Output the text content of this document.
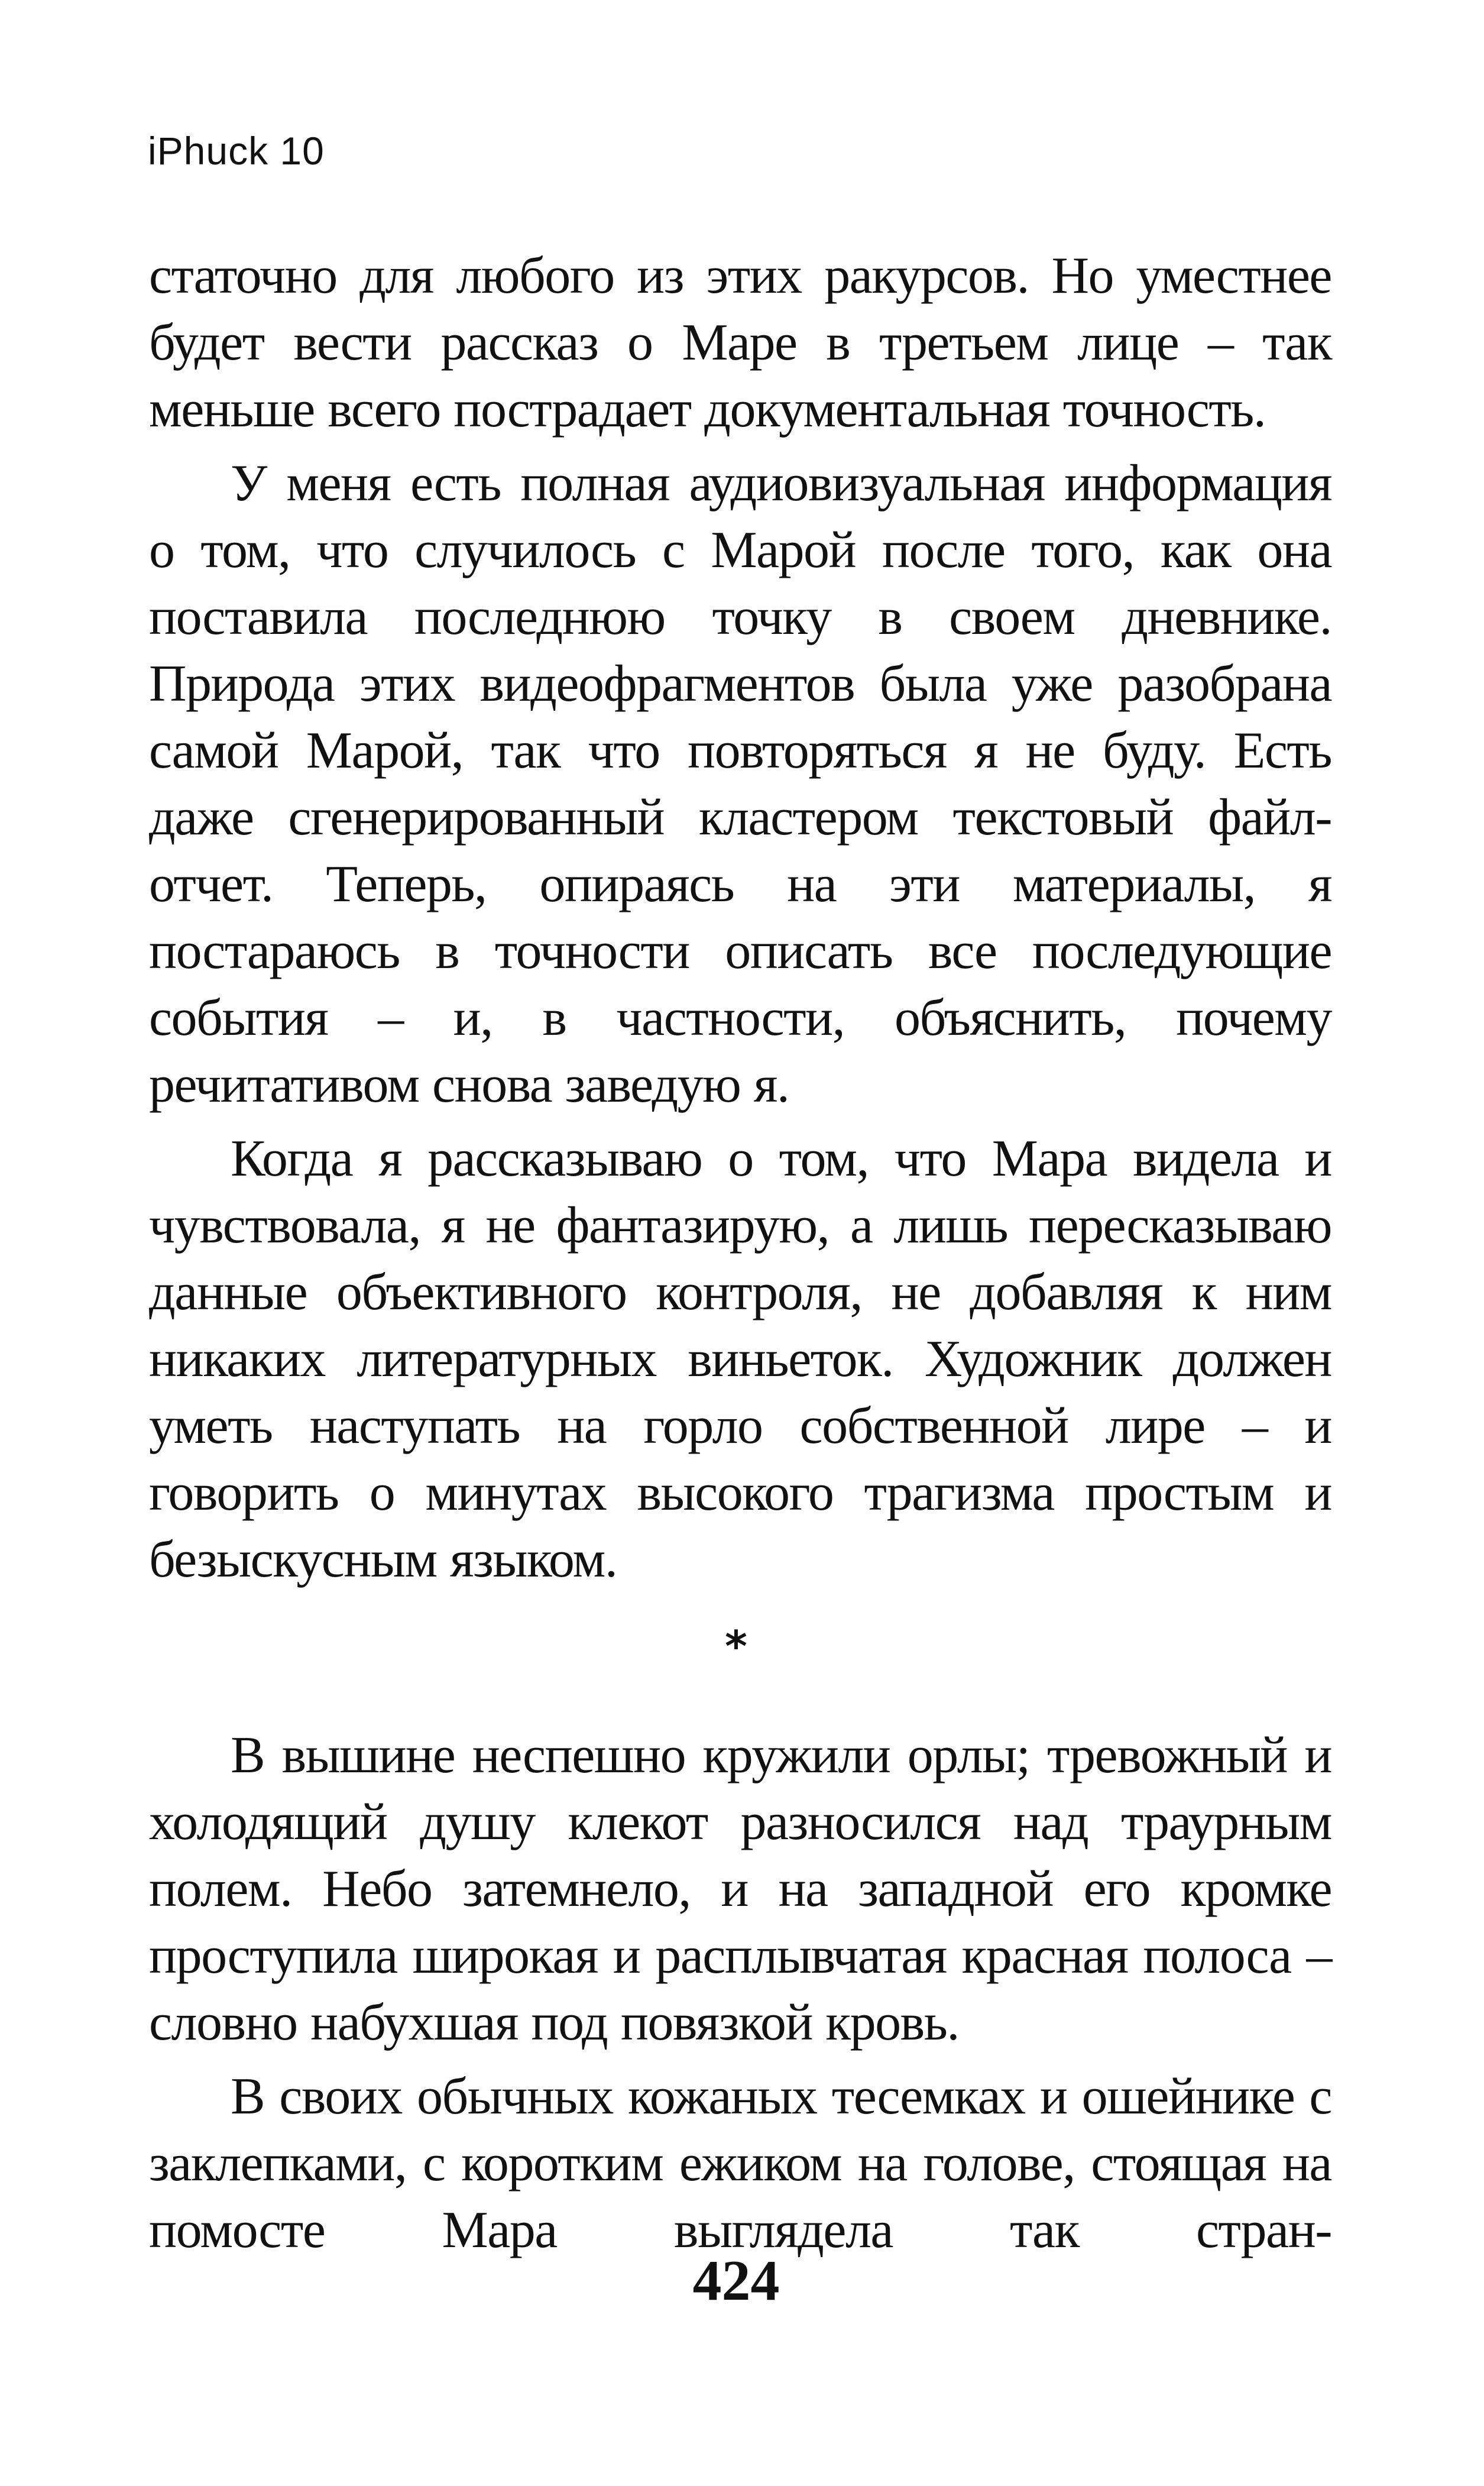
iPhuck 10

статочно для любого из этих ракурсов. Но уместнее будет вести рассказ о Маре в третьем лице – так меньше всего пострадает документальная точность.

У меня есть полная аудиовизуальная информация о том, что случилось с Марой после того, как она поставила последнюю точку в своем дневнике. Природа этих видеофрагментов была уже разобрана самой Марой, так что повторяться я не буду. Есть даже сгенерированный кластером текстовый файл-отчет. Теперь, опираясь на эти материалы, я постараюсь в точности описать все последующие события – и, в частности, объяснить, почему речитативом снова заведую я.

Когда я рассказываю о том, что Мара видела и чувствовала, я не фантазирую, а лишь пересказываю данные объективного контроля, не добавляя к ним никаких литературных виньеток. Художник должен уметь наступать на горло собственной лире – и говорить о минутах высокого трагизма простым и безыскусным языком.

*

В вышине неспешно кружили орлы; тревожный и холодящий душу клекот разносился над траурным полем. Небо затемнело, и на западной его кромке проступила широкая и расплывчатая красная полоса – словно набухшая под повязкой кровь.

В своих обычных кожаных тесемках и ошейнике с заклепками, с коротким ежиком на голове, стоящая на помосте Мара выглядела так стран-

424
